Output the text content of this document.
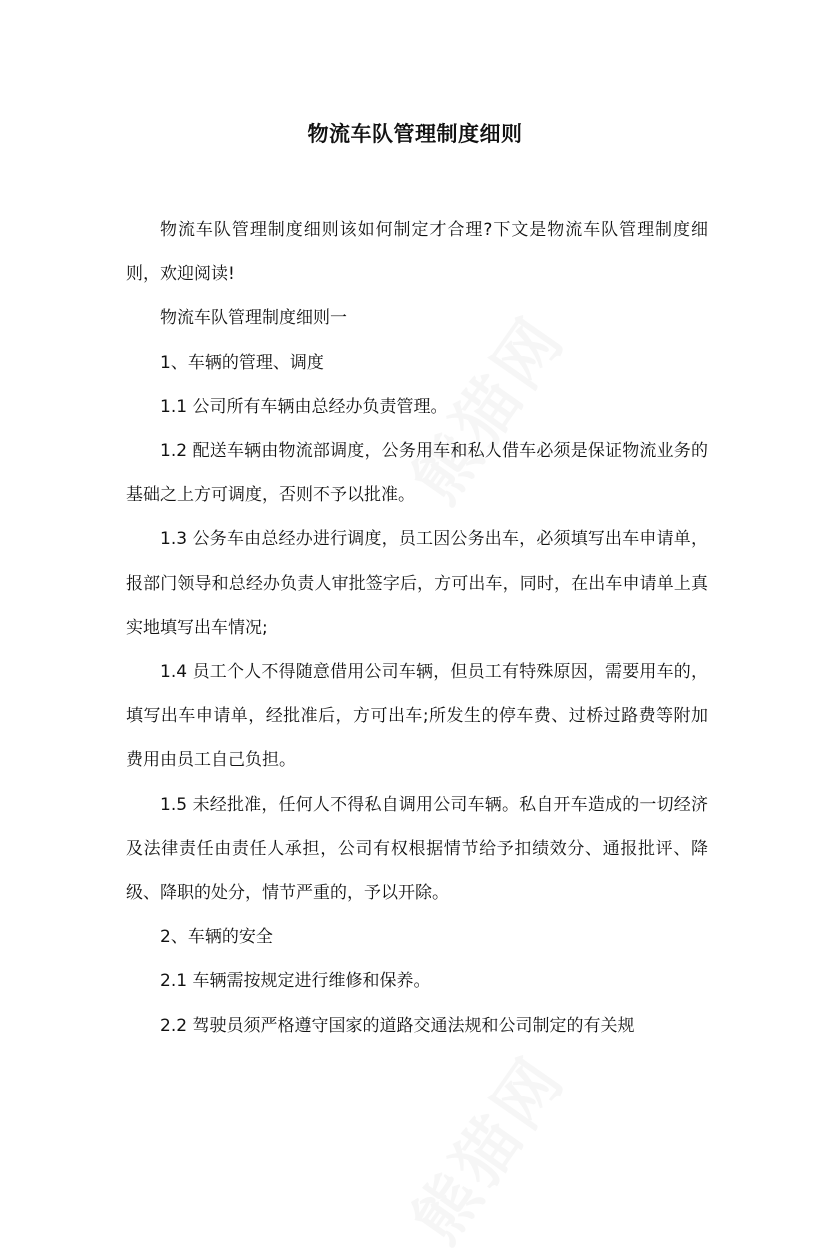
物流车队管理制度细则

物流车队管理制度细则该如何制定才合理?下文是物流车队管理制度细则，欢迎阅读!

物流车队管理制度细则一

1、车辆的管理、调度

1.1 公司所有车辆由总经办负责管理。

1.2 配送车辆由物流部调度，公务用车和私人借车必须是保证物流业务的基础之上方可调度，否则不予以批准。

1.3 公务车由总经办进行调度，员工因公务出车，必须填写出车申请单，报部门领导和总经办负责人审批签字后，方可出车，同时，在出车申请单上真实地填写出车情况;

1.4 员工个人不得随意借用公司车辆，但员工有特殊原因，需要用车的，填写出车申请单，经批准后，方可出车;所发生的停车费、过桥过路费等附加费用由员工自己负担。

1.5 未经批准，任何人不得私自调用公司车辆。私自开车造成的一切经济及法律责任由责任人承担，公司有权根据情节给予扣绩效分、通报批评、降级、降职的处分，情节严重的，予以开除。

2、车辆的安全

2.1 车辆需按规定进行维修和保养。

2.2 驾驶员须严格遵守国家的道路交通法规和公司制定的有关规
